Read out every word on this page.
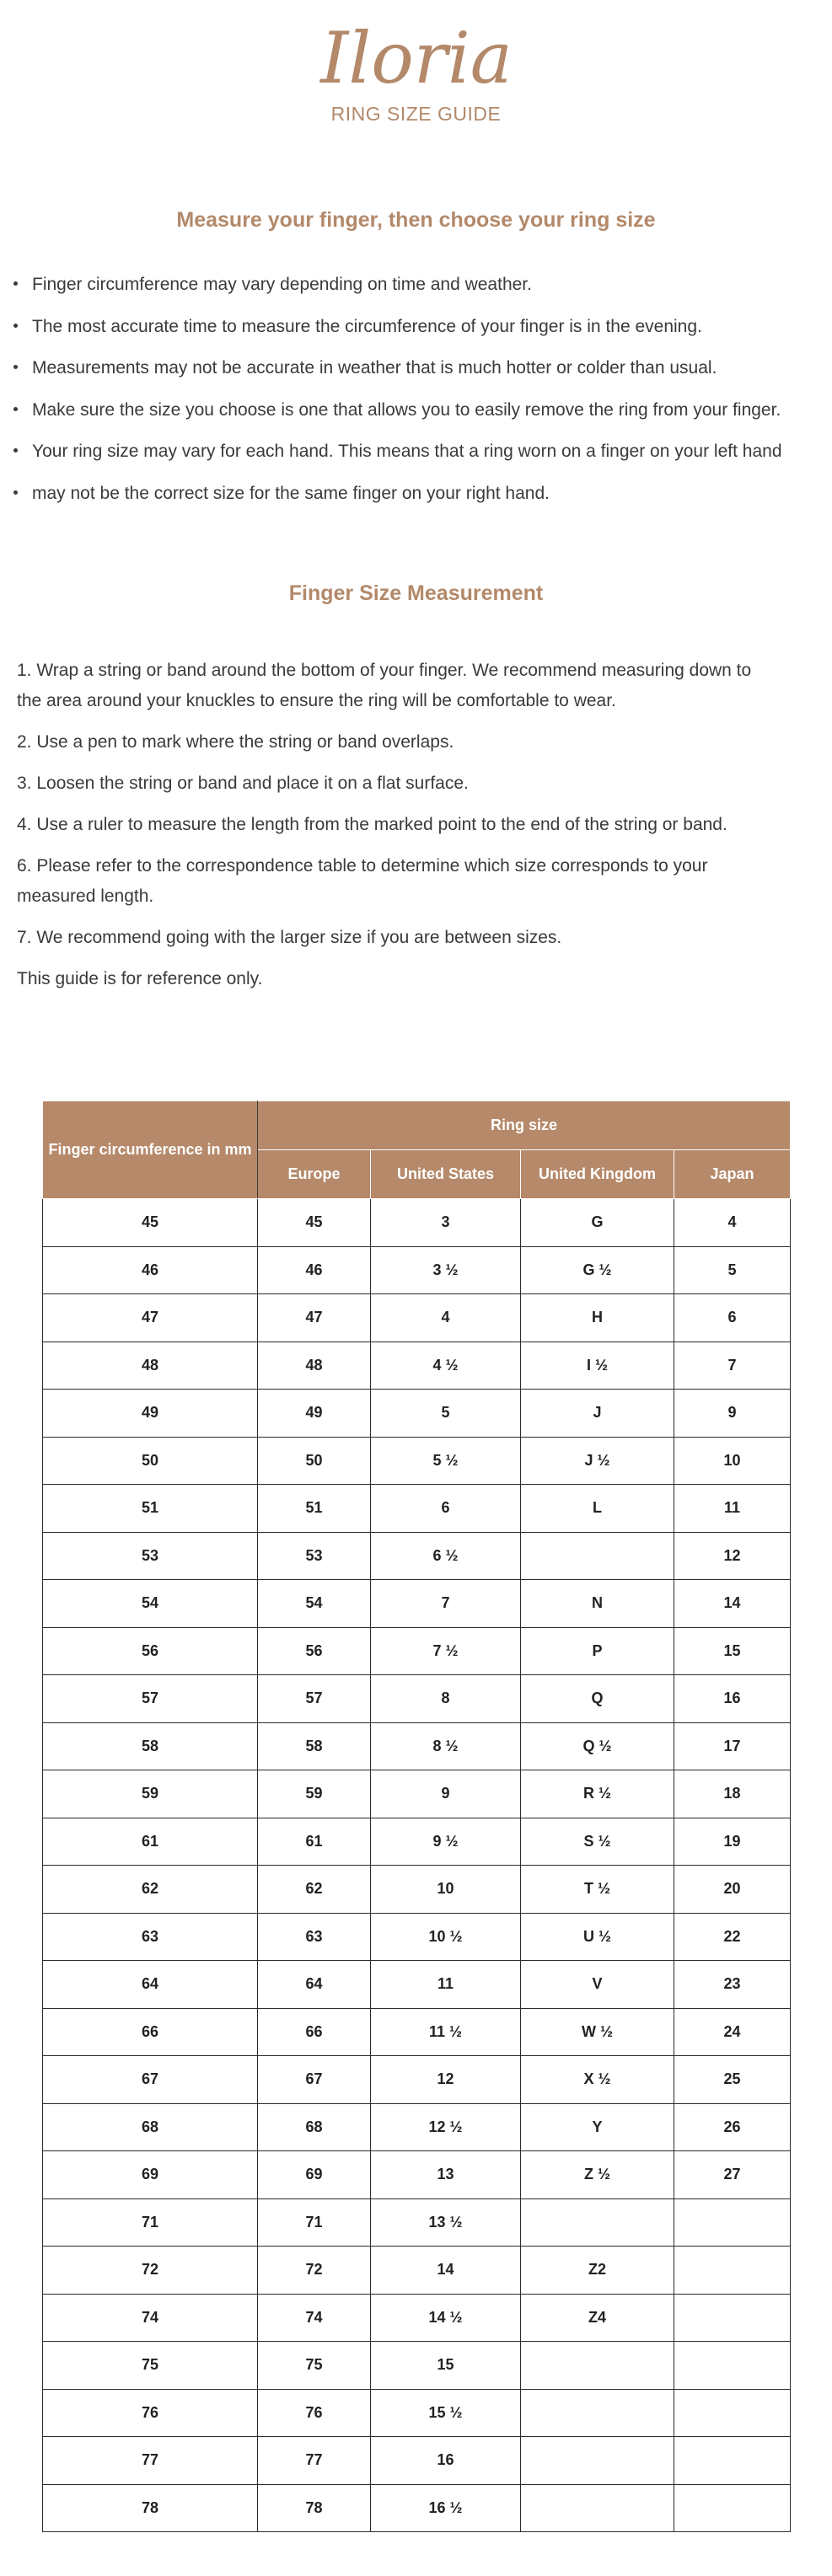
Iloria
RING SIZE GUIDE
Measure your finger, then choose your ring size
Finger circumference may vary depending on time and weather.
The most accurate time to measure the circumference of your finger is in the evening.
Measurements may not be accurate in weather that is much hotter or colder than usual.
Make sure the size you choose is one that allows you to easily remove the ring from your finger.
Your ring size may vary for each hand. This means that a ring worn on a finger on your left hand
may not be the correct size for the same finger on your right hand.
Finger Size Measurement

1. Wrap a string or band around the bottom of your finger. We recommend measuring down to the area around your knuckles to ensure the ring will be comfortable to wear.

2. Use a pen to mark where the string or band overlaps.

3. Loosen the string or band and place it on a flat surface.

4. Use a ruler to measure the length from the marked point to the end of the string or band.

6. Please refer to the correspondence table to determine which size corresponds to your measured length.

7. We recommend going with the larger size if you are between sizes.

This guide is for reference only.

Finger circumference in mm	Ring size			
	Europe	United States	United Kingdom	Japan
45	45	3	G	4
46	46	3 ½	G ½	5
47	47	4	H	6
48	48	4 ½	I ½	7
49	49	5	J	9
50	50	5 ½	J ½	10
51	51	6	L	11
53	53	6 ½		12
54	54	7	N	14
56	56	7 ½	P	15
57	57	8	Q	16
58	58	8 ½	Q ½	17
59	59	9	R ½	18
61	61	9 ½	S ½	19
62	62	10	T ½	20
63	63	10 ½	U ½	22
64	64	11	V	23
66	66	11 ½	W ½	24
67	67	12	X ½	25
68	68	12 ½	Y	26
69	69	13	Z ½	27
71	71	13 ½		
72	72	14	Z2	
74	74	14 ½	Z4	
75	75	15		
76	76	15 ½		
77	77	16		
78	78	16 ½		
